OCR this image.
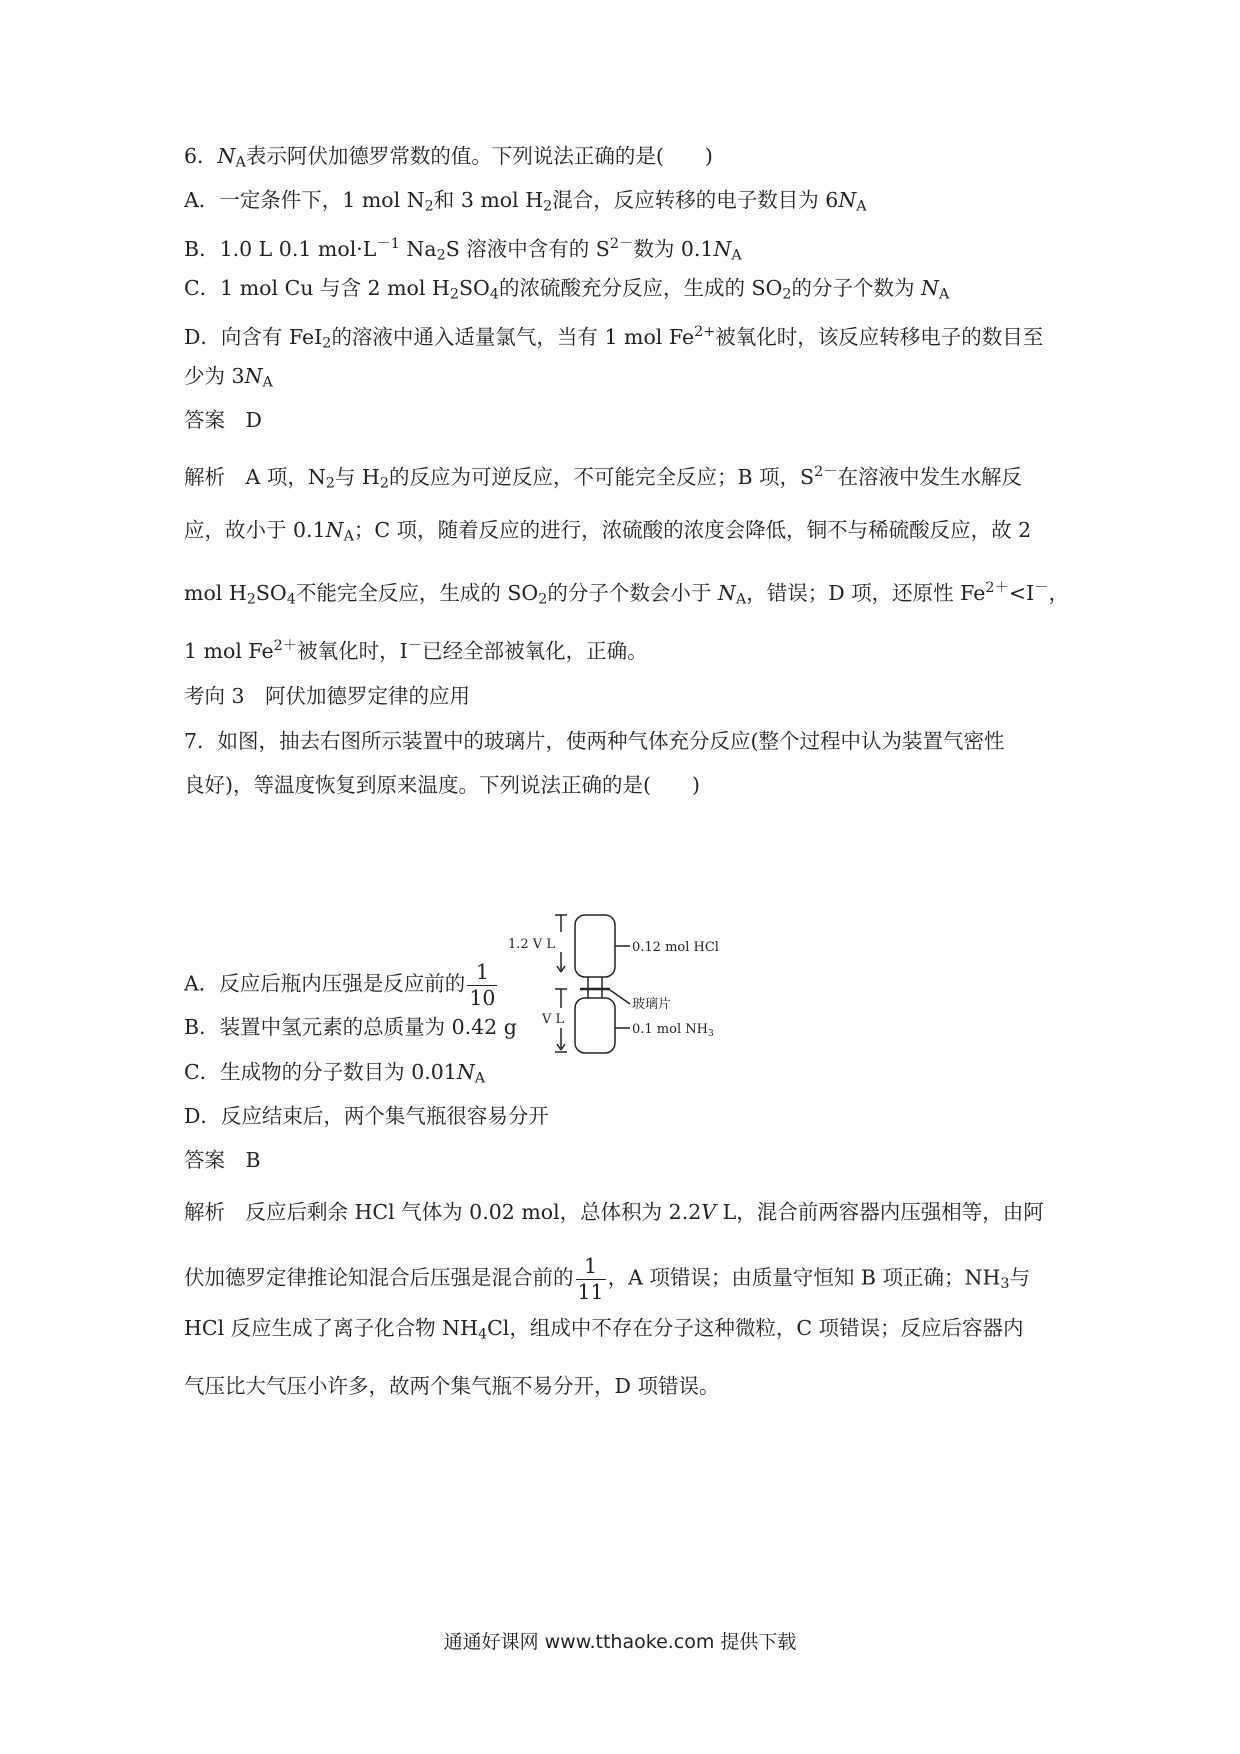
6．$N_A$表示阿伏加德罗常数的值。下列说法正确的是(　　)
A．一定条件下，1 mol $N_2$和 3 mol $H_2$混合，反应转移的电子数目为 $6N_A$
B．1.0 L 0.1 $mol\cdot L^{-1}$ $Na_2S$ 溶液中含有的 $S^{2-}$数为 $0.1N_A$
C．1 mol Cu 与含 2 mol $H_2SO_4$的浓硫酸充分反应，生成的 $SO_2$的分子个数为 $N_A$
D．向含有 FeI$_2$的溶液中通入适量氯气，当有 1 mol $Fe^{2+}$被氧化时，该反应转移电子的数目至
少为 $3N_A$
答案　D
解析　A 项，$N_2$与 $H_2$的反应为可逆反应，不可能完全反应；B 项，$S^{2-}$在溶液中发生水解反
应，故小于 $0.1N_A$；C 项，随着反应的进行，浓硫酸的浓度会降低，铜不与稀硫酸反应，故 2
mol $H_2SO_4$不能完全反应，生成的 $SO_2$的分子个数会小于 $N_A$，错误；D 项，还原性 $Fe^{2+}<I^-$，
1 mol $Fe^{2+}$被氧化时，I－已经全部被氧化，正确。
考向 3　阿伏加德罗定律的应用
7．如图，抽去右图所示装置中的玻璃片，使两种气体充分反应(整个过程中认为装置气密性
良好)，等温度恢复到原来温度。下列说法正确的是(　　)
1.2 V L	0.12 mol HCl
玻璃片
V L
0.1 mol $NH_3$
A．反应后瓶内压强是反应前的 $\frac{1}{10}$
B．装置中氢元素的总质量为 0.42 g
C．生成物的分子数目为 $0.01N_A$
D．反应结束后，两个集气瓶很容易分开
答案　B
解析　反应后剩余 HCl 气体为 0.02 mol，总体积为 2.2V L，混合前两容器内压强相等，由阿
伏加德罗定律推论知混合后压强是混合前的 $\frac{1}{11}$ ，A 项错误；由质量守恒知 B 项正确；$NH_3$与
HCl 反应生成了离子化合物 $NH_4Cl$，组成中不存在分子这种微粒，C 项错误；反应后容器内
气压比大气压小许多，故两个集气瓶不易分开，D 项错误。
通通好课网 www.tthaoke.com 提供下载
